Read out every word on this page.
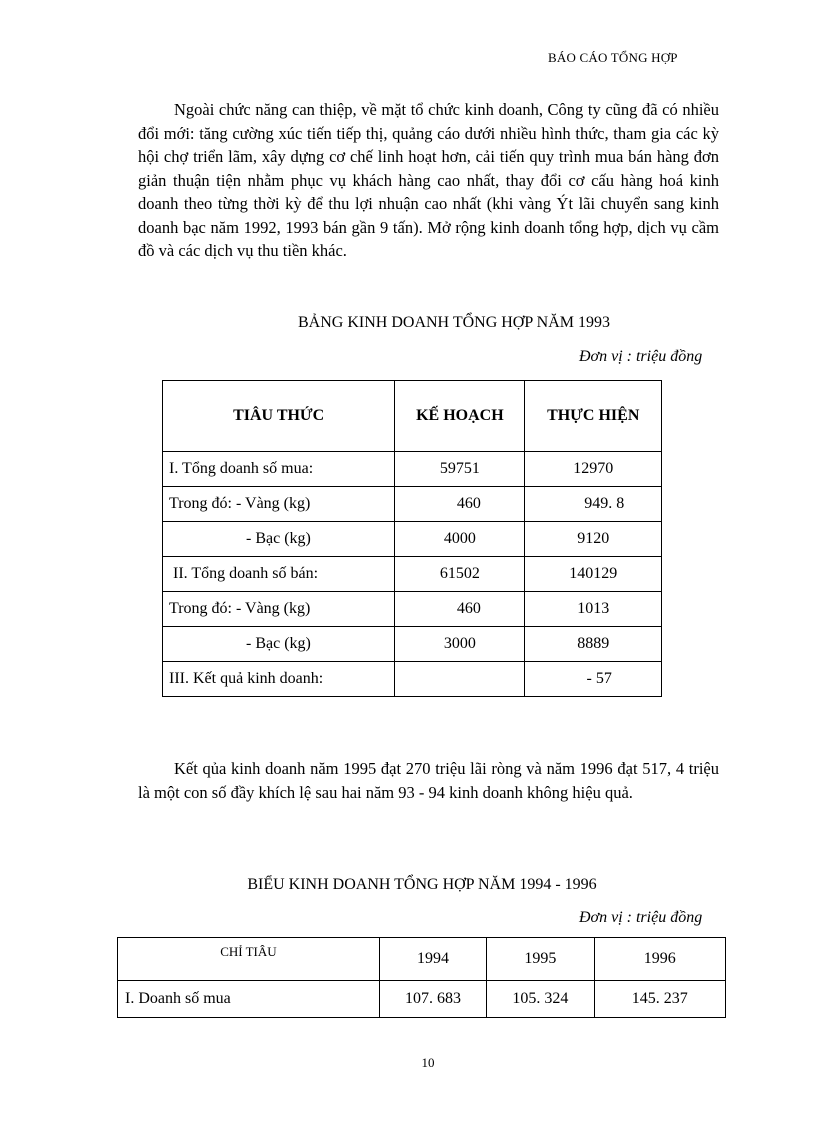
BÁO CÁO TỔNG HỢP

Ngoài chức năng can thiệp, về mặt tổ chức kinh doanh, Công ty cũng đã có nhiều đổi mới: tăng cường xúc tiến tiếp thị, quảng cáo dưới nhiều hình thức, tham gia các kỳ hội chợ triển lãm, xây dựng cơ chế linh hoạt hơn, cải tiến quy trình mua bán hàng đơn giản thuận tiện nhằm phục vụ khách hàng cao nhất, thay đổi cơ cấu hàng hoá kinh doanh theo từng thời kỳ để thu lợi nhuận cao nhất (khi vàng Ýt lãi chuyển sang kinh doanh bạc năm 1992, 1993 bán gần 9 tấn). Mở rộng kinh doanh tổng hợp, dịch vụ cầm đồ và các dịch vụ thu tiền khác.

BẢNG KINH DOANH TỔNG HỢP NĂM 1993
Đơn vị : triệu đồng
TIÂU THỨC	KẾ HOẠCH	THỰC HIỆN
I. Tổng doanh số mua:	59751	12970
Trong đó: - Vàng (kg)	460	949. 8
- Bạc (kg)	4000	9120
II. Tổng doanh số bán:	61502	140129
Trong đó: - Vàng (kg)	460	1013
- Bạc (kg)	3000	8889
III. Kết quả kinh doanh:		- 57

Kết qủa kinh doanh năm 1995 đạt 270 triệu lãi ròng và năm 1996 đạt 517, 4 triệu là một con số đầy khích lệ sau hai năm 93 - 94 kinh doanh không hiệu quả.

BIỂU KINH DOANH TỔNG HỢP NĂM 1994 - 1996
Đơn vị : triệu đồng
CHỈ TIÂU	1994	1995	1996
I. Doanh số mua	107. 683	105. 324	145. 237
10
